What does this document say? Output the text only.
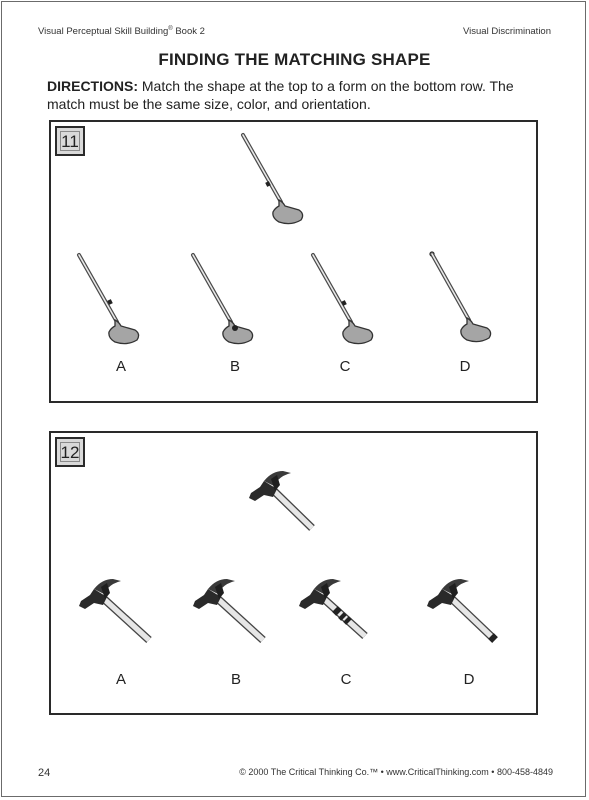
Visual Perceptual Skill Building® Book 2	Visual Discrimination
FINDING THE MATCHING SHAPE
DIRECTIONS: Match the shape at the top to a form on the bottom row. The match must be the same size, color, and orientation.
11
A	B	C	D
12
A	B	C	D
24	© 2000 The Critical Thinking Co.™ • www.CriticalThinking.com • 800-458-4849
